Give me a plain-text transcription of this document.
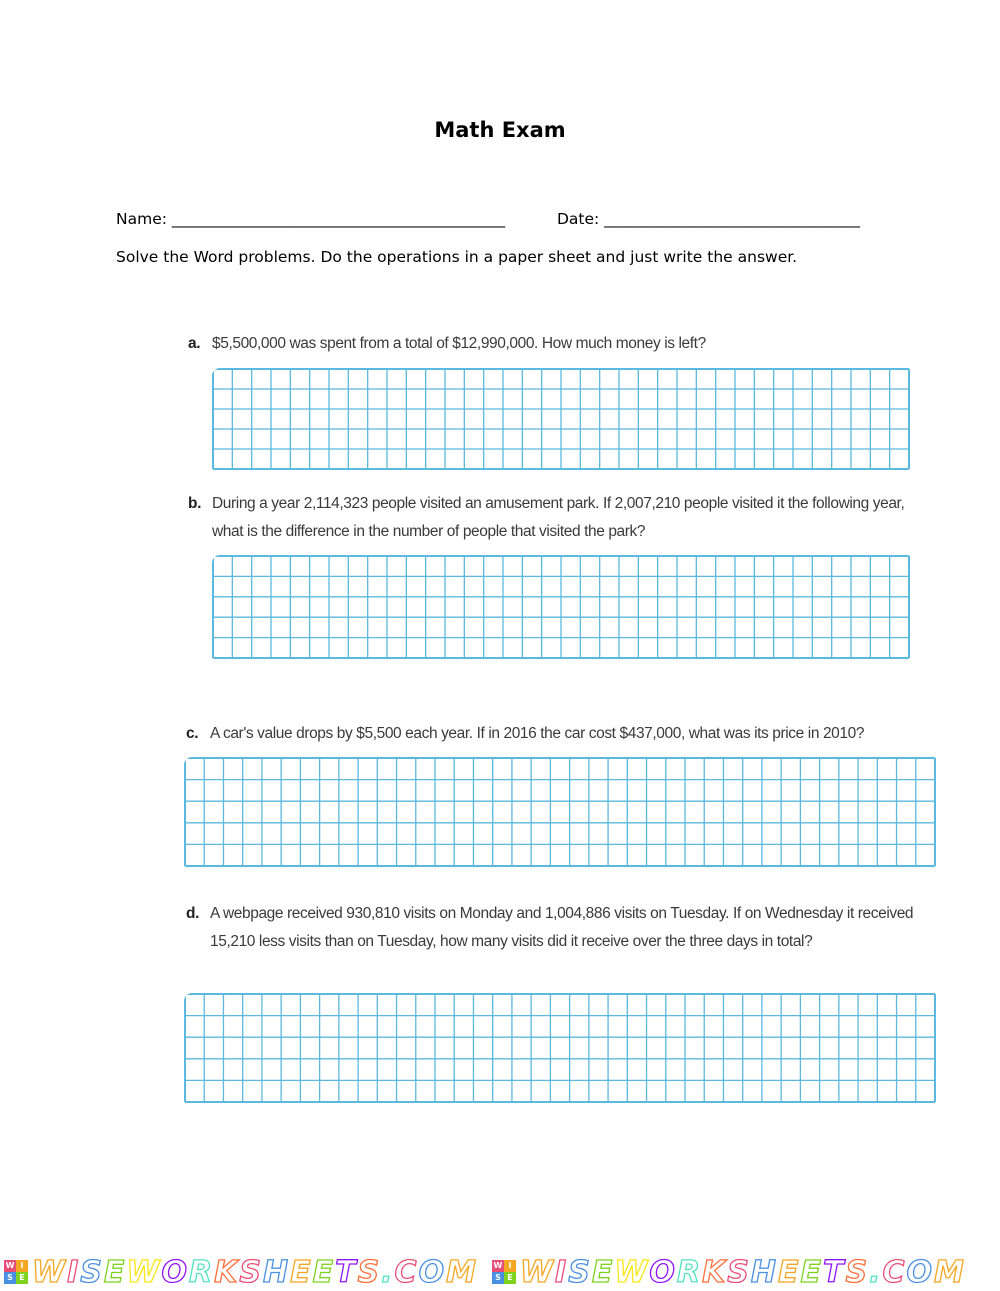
Math Exam
Name: ___________________________________________	Date: _________________________________
Solve the Word problems. Do the operations in a paper sheet and just write the answer.
a. $5,500,000 was spent from a total of $12,990,000. How much money is left?
b. During a year 2,114,323 people visited an amusement park. If 2,007,210 people visited it the following year, what is the difference in the number of people that visited the park?
c. A car's value drops by $5,500 each year. If in 2016 the car cost $437,000, what was its price in 2010?
d. A webpage received 930,810 visits on Monday and 1,004,886 visits on Tuesday. If on Wednesday it received 15,210 less visits than on Tuesday, how many visits did it receive over the three days in total?
W I
S E WISEWORKSHEETS.COM W I
S E WISEWORKSHEETS.COM
